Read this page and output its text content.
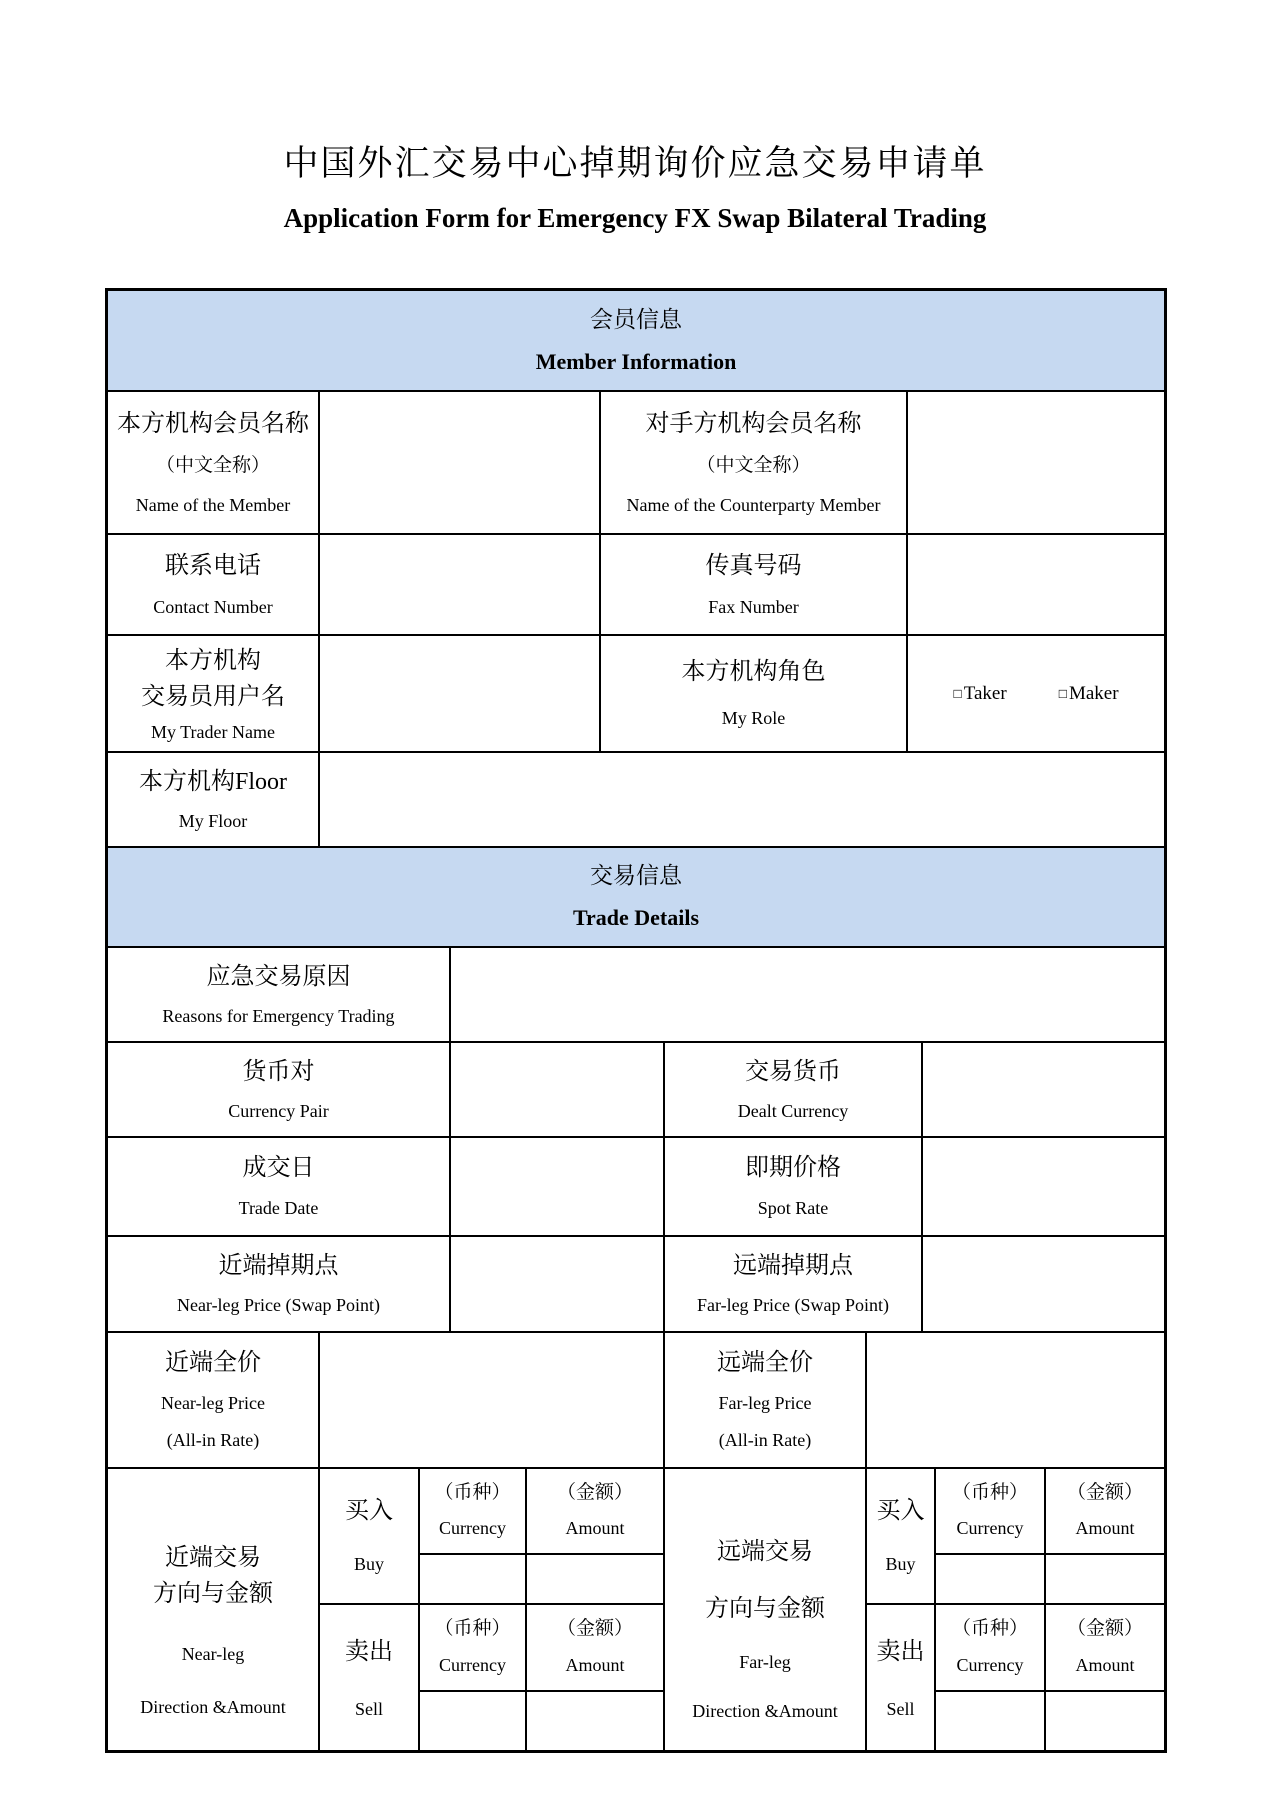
中国外汇交易中心掉期询价应急交易申请单
Application Form for Emergency FX Swap Bilateral Trading
会员信息
Member Information
本方机构会员名称
（中文全称）
Name of the Member
对手方机构会员名称
（中文全称）
Name of the Counterparty Member
联系电话
Contact Number
传真号码
Fax Number
本方机构
交易员用户名
My Trader Name
本方机构角色
My Role
□ Taker	□ Maker
本方机构Floor
My Floor
交易信息
Trade Details
应急交易原因
Reasons for Emergency Trading
货币对
Currency Pair
交易货币
Dealt Currency
成交日
Trade Date
即期价格
Spot Rate
近端掉期点
Near-leg Price (Swap Point)
远端掉期点
Far-leg Price (Swap Point)
近端全价
Near-leg Price
(All-in Rate)
远端全价
Far-leg Price
(All-in Rate)
近端交易
方向与金额
Near-leg
Direction &Amount
买入
Buy
（币种）
Currency
（金额）
Amount
卖出
Sell
（币种）
Currency
（金额）
Amount
远端交易
方向与金额
Far-leg
Direction &Amount
买入
Buy
（币种）
Currency
（金额）
Amount
卖出
Sell
（币种）
Currency
（金额）
Amount
